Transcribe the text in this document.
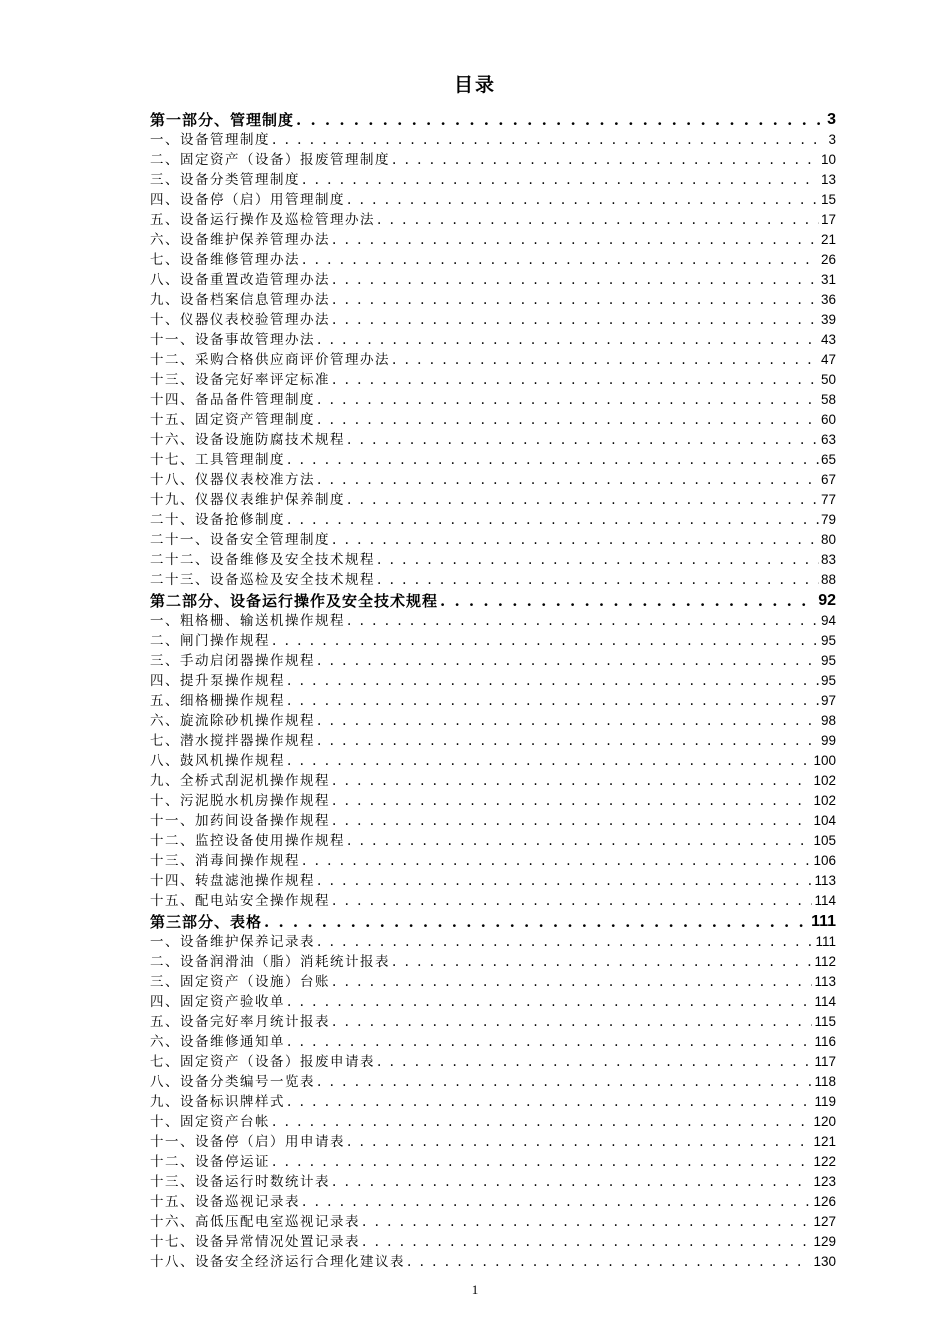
目录
第一部分、管理制度 . . .	3
一、设备管理制度 . . .	3
二、固定资产（设备）报废管理制度 . . .	10
三、设备分类管理制度 . . .	13
四、设备停（启）用管理制度 . . .	15
五、设备运行操作及巡检管理办法 . . .	17
六、设备维护保养管理办法 . . .	21
七、设备维修管理办法 . . .	26
八、设备重置改造管理办法 . . .	31
九、设备档案信息管理办法 . . .	36
十、仪器仪表校验管理办法 . . .	39
十一、设备事故管理办法 . . .	43
十二、采购合格供应商评价管理办法 . . .	47
十三、设备完好率评定标准 . . .	50
十四、备品备件管理制度 . . .	58
十五、固定资产管理制度 . . .	60
十六、设备设施防腐技术规程 . . .	63
十七、工具管理制度 . . .	65
十八、仪器仪表校准方法 . . .	67
十九、仪器仪表维护保养制度 . . .	77
二十、设备抢修制度 . . .	79
二十一、设备安全管理制度 . . .	80
二十二、设备维修及安全技术规程 . . .	83
二十三、设备巡检及安全技术规程 . . .	88
第二部分、设备运行操作及安全技术规程 . . .	92
一、粗格栅、输送机操作规程 . . .	94
二、闸门操作规程 . . .	95
三、手动启闭器操作规程 . . .	95
四、提升泵操作规程 . . .	95
五、细格栅操作规程 . . .	97
六、旋流除砂机操作规程 . . .	98
七、潜水搅拌器操作规程 . . .	99
八、鼓风机操作规程 . . .	100
九、全桥式刮泥机操作规程 . . .	102
十、污泥脱水机房操作规程 . . .	102
十一、加药间设备操作规程 . . .	104
十二、监控设备使用操作规程 . . .	105
十三、消毒间操作规程 . . .	106
十四、转盘滤池操作规程 . . .	113
十五、配电站安全操作规程 . . .	114
第三部分、表格 . . .	111
一、设备维护保养记录表 . . .	111
二、设备润滑油（脂）消耗统计报表 . . .	112
三、固定资产（设施）台账 . . .	113
四、固定资产验收单 . . .	114
五、设备完好率月统计报表 . . .	115
六、设备维修通知单 . . .	116
七、固定资产（设备）报废申请表 . . .	117
八、设备分类编号一览表 . . .	118
九、设备标识牌样式 . . .	119
十、固定资产台帐 . . .	120
十一、设备停（启）用申请表 . . .	121
十二、设备停运证 . . .	122
十三、设备运行时数统计表 . . .	123
十五、设备巡视记录表 . . .	126
十六、高低压配电室巡视记录表 . . .	127
十七、设备异常情况处置记录表 . . .	129
十八、设备安全经济运行合理化建议表 . . .	130
1
